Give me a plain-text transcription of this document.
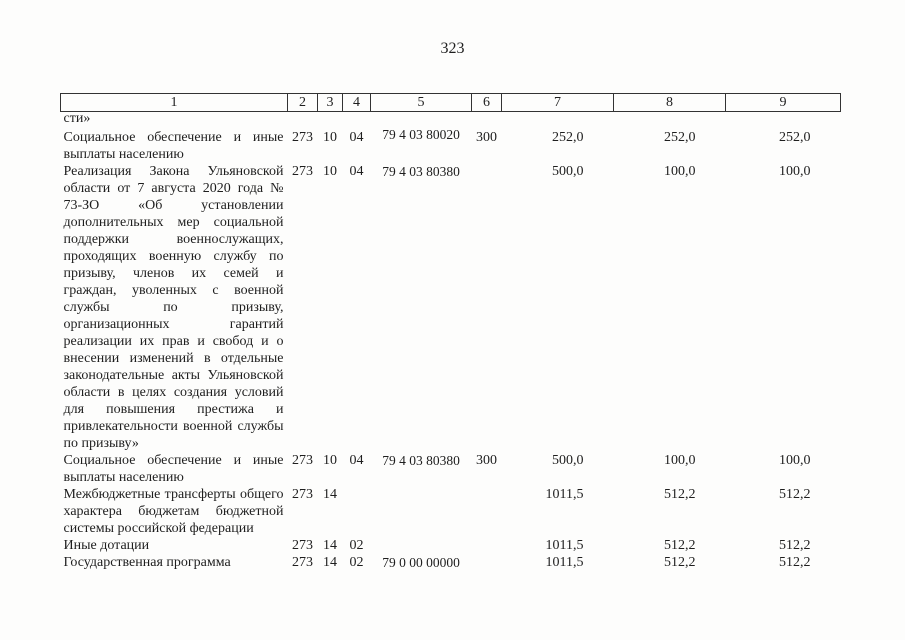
323
1	2	3	4	5	6	7	8	9
сти»								
Социальное обеспечение и иные выплаты населению	273	10	04	79 4 03 80020	300	252,0	252,0	252,0
Реализация Закона Ульяновской области от 7 августа 2020 года № 73-ЗО «Об установлении дополнительных мер социальной поддержки военнослужащих, проходящих военную службу по призыву, членов их семей и граждан, уволенных с военной службы по призыву, организационных гарантий реализации их прав и свобод и о внесении изменений в отдельные законодательные акты Ульяновской области в целях создания условий для повышения престижа и привлекательности военной службы по призыву»	273	10	04	79 4 03 80380		500,0	100,0	100,0
Социальное обеспечение и иные выплаты населению	273	10	04	79 4 03 80380	300	500,0	100,0	100,0
Межбюджетные трансферты общего характера бюджетам бюджетной системы российской федерации	273	14				1011,5	512,2	512,2
Иные дотации	273	14	02			1011,5	512,2	512,2
Государственная программа	273	14	02	79 0 00 00000		1011,5	512,2	512,2
